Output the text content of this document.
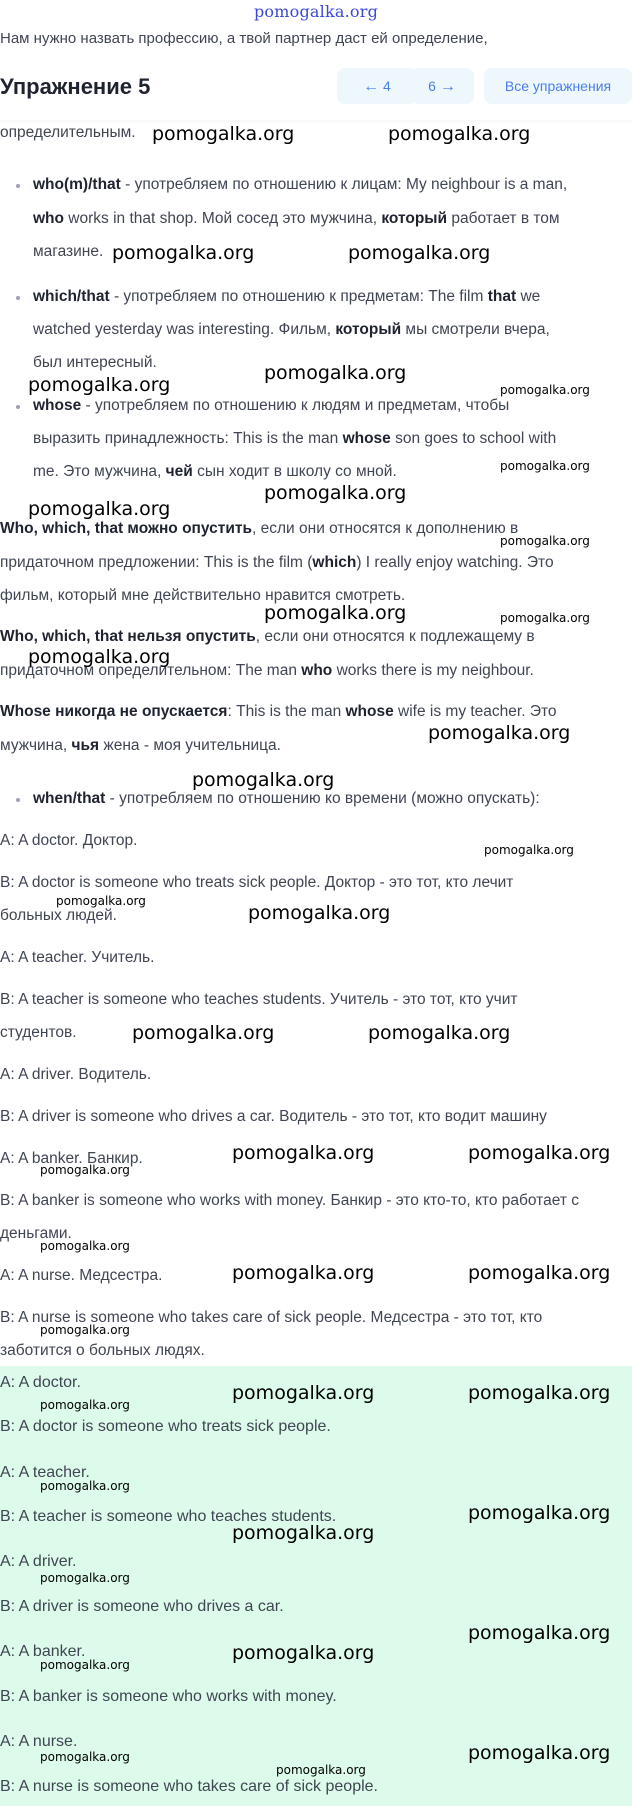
pomogalka.org
Нам нужно назвать профессию, а твой партнер даст ей определение,
Упражнение 5	← 4	6 →	Все упражнения
определительным.
who(m)/that - употребляем по отношению к лицам: My neighbour is a man,
who works in that shop. Мой сосед это мужчина, который работает в том
магазине.
which/that - употребляем по отношению к предметам: The film that we
watched yesterday was interesting. Фильм, который мы смотрели вчера,
был интересный.
whose - употребляем по отношению к людям и предметам, чтобы
выразить принадлежность: This is the man whose son goes to school with
me. Это мужчина, чей сын ходит в школу со мной.
Who, which, that можно опустить, если они относятся к дополнению в
придаточном предложении: This is the film (which) I really enjoy watching. Это
фильм, который мне действительно нравится смотреть.
Who, which, that нельзя опустить, если они относятся к подлежащему в
придаточном определительном: The man who works there is my neighbour.
Whose никогда не опускается: This is the man whose wife is my teacher. Это
мужчина, чья жена - моя учительница.
when/that - употребляем по отношению ко времени (можно опускать):
A: A doctor. Доктор.
B: A doctor is someone who treats sick people. Доктор - это тот, кто лечит
больных людей.
A: A teacher. Учитель.
B: A teacher is someone who teaches students. Учитель - это тот, кто учит
студентов.
A: A driver. Водитель.
B: A driver is someone who drives a car. Водитель - это тот, кто водит машину
A: A banker. Банкир.
B: A banker is someone who works with money. Банкир - это кто-то, кто работает с
деньгами.
A: A nurse. Медсестра.
B: A nurse is someone who takes care of sick people. Медсестра - это тот, кто
заботится о больных людях.
A: A doctor.
B: A doctor is someone who treats sick people.
A: A teacher.
B: A teacher is someone who teaches students.
A: A driver.
B: A driver is someone who drives a car.
A: A banker.
B: A banker is someone who works with money.
A: A nurse.
B: A nurse is someone who takes care of sick people.
pomogalka.org	pomogalka.org
pomogalka.org	pomogalka.org
pomogalka.org
pomogalka.org	pomogalka.org
pomogalka.org
pomogalka.org
pomogalka.org
pomogalka.org
pomogalka.org
pomogalka.org
pomogalka.org
pomogalka.org
pomogalka.org
pomogalka.org
pomogalka.org
pomogalka.org
pomogalka.org	pomogalka.org
pomogalka.org	pomogalka.org
pomogalka.org
pomogalka.org
pomogalka.org	pomogalka.org
pomogalka.org
pomogalka.org	pomogalka.org
pomogalka.org
pomogalka.org
pomogalka.org
pomogalka.org
pomogalka.org
pomogalka.org
pomogalka.org
pomogalka.org
pomogalka.org
pomogalka.org
pomogalka.org
